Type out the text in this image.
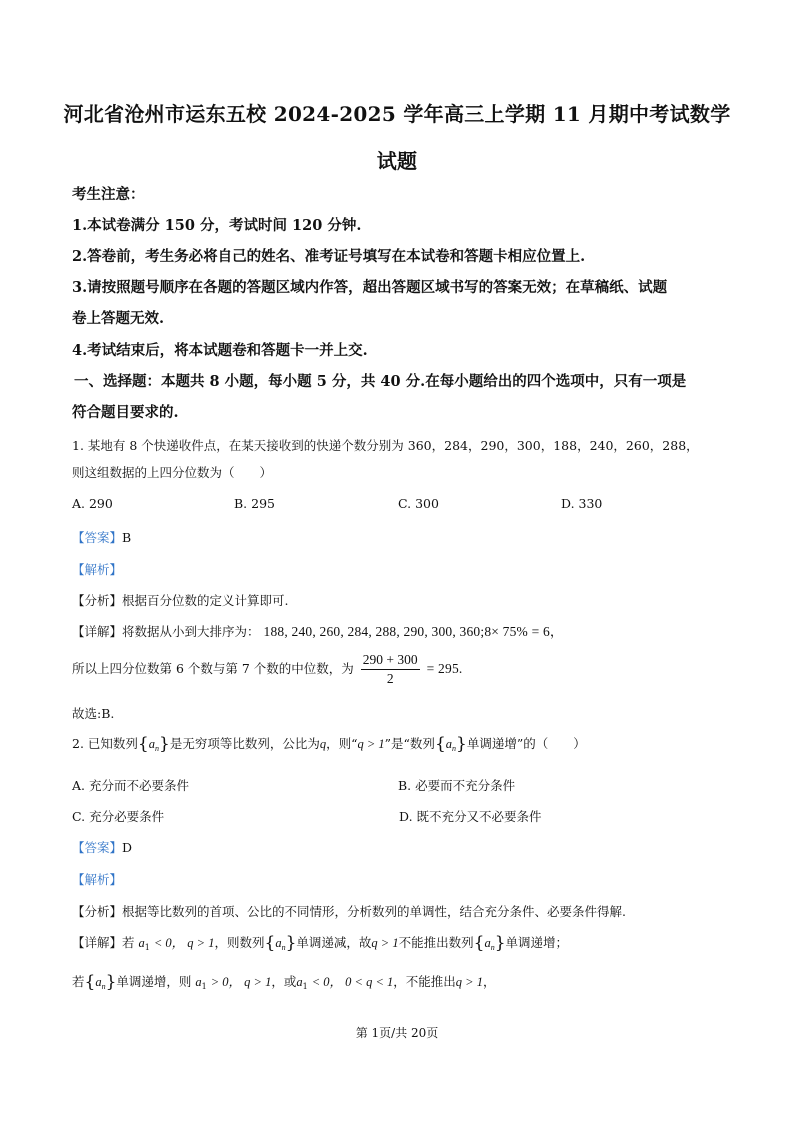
河北省沧州市运东五校 2024-2025 学年高三上学期 11 月期中考试数学
试题
考生注意：
1.本试卷满分 150 分，考试时间 120 分钟.
2.答卷前，考生务必将自己的姓名、准考证号填写在本试卷和答题卡相应位置上.
3.请按照题号顺序在各题的答题区域内作答，超出答题区域书写的答案无效；在草稿纸、试题
卷上答题无效.
4.考试结束后，将本试题卷和答题卡一并上交.
一、选择题：本题共 8 小题，每小题 5 分，共 40 分.在每小题给出的四个选项中，只有一项是
符合题目要求的.
1. 某地有 8 个快递收件点，在某天接收到的快递个数分别为 360，284，290，300，188，240，260，288，
则这组数据的上四分位数为（　　）
A. 290	B. 295	C. 300	D. 330
【答案】B
【解析】
【分析】根据百分位数的定义计算即可.
【详解】将数据从小到大排序为： 188, 240, 260, 284, 288, 290, 300, 360;8× 75% = 6，
所以上四分位数第 6 个数与第 7 个数的中位数，为 $\frac{290 + 300}{2} = 295$.
故选:B.
2. 已知数列$\{a_n\}$是无穷项等比数列，公比为q，则“q > 1”是“数列$\{a_n\}$单调递增”的（　　）
A. 充分而不必要条件	B. 必要而不充分条件
C. 充分必要条件	D. 既不充分又不必要条件
【答案】D
【解析】
【分析】根据等比数列的首项、公比的不同情形，分析数列的单调性，结合充分条件、必要条件得解.
【详解】若 $a_1 < 0$， q > 1，则数列$\{a_n\}$单调递减，故q > 1不能推出数列$\{a_n\}$单调递增；
若$\{a_n\}$单调递增，则 $a_1 > 0$， q > 1，或$a_1 < 0$， 0 < q < 1，不能推出q > 1，
第 1页/共 20页
